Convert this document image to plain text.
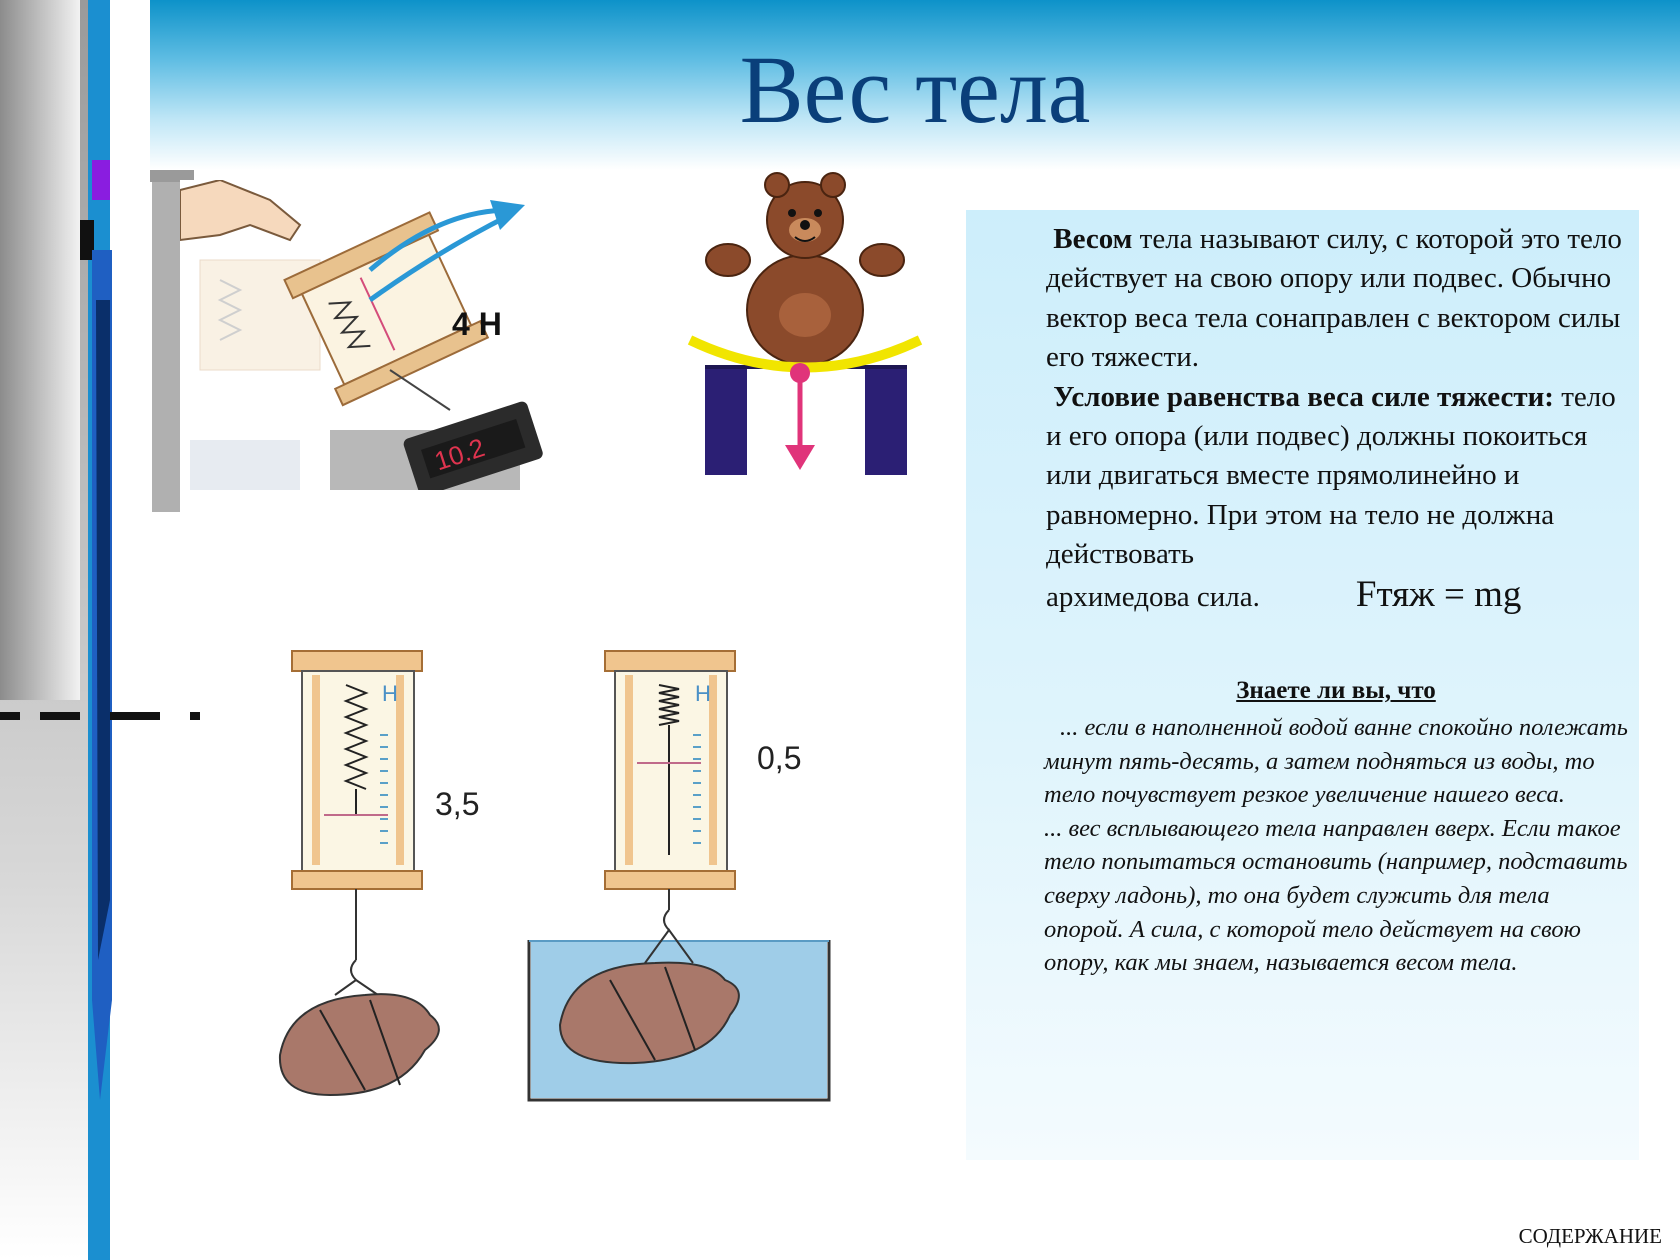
Вес тела
10.2
4 Н
Н
3,5
Н
0,5
Весом тела называют силу, с которой это тело действует на свою опору или подвес. Обычно вектор веса тела сонаправлен с вектором силы его тяжести.
Условие равенства веса силе тяжести: тело и его опора (или подвес) должны покоиться или двигаться вместе прямолинейно и равномерно. При этом на тело не должна действовать
архимедова сила.	Fтяж = mg
Знаете ли вы, что
... если в наполненной водой ванне спокойно полежать минут пять-десять, а затем подняться из воды, то тело почувствует резкое увеличение нашего веса.
... вес всплывающего тела направлен вверх. Если такое тело попытаться остановить (например, подставить сверху ладонь), то она будет служить для тела опорой. А сила, с которой тело действует на свою опору, как мы знаем, называется весом тела.
СОДЕРЖАНИЕ
